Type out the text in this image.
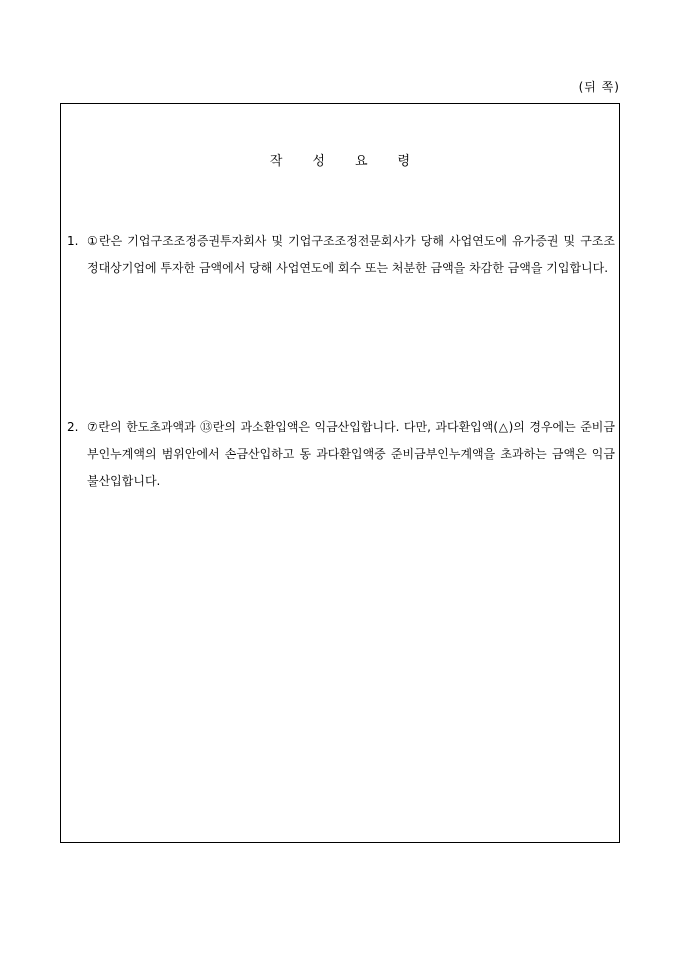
(뒤 쪽)
작성요령
1. ①란은 기업구조조정증권투자회사 및 기업구조조정전문회사가 당해 사업연도에 유가증권 및 구조조정대상기업에 투자한 금액에서 당해 사업연도에 회수 또는 처분한 금액을 차감한 금액을 기입합니다.
2. ⑦란의 한도초과액과 ⑬란의 과소환입액은 익금산입합니다. 다만, 과다환입액(△)의 경우에는 준비금부인누계액의 범위안에서 손금산입하고 동 과다환입액중 준비금부인누계액을 초과하는 금액은 익금불산입합니다.
